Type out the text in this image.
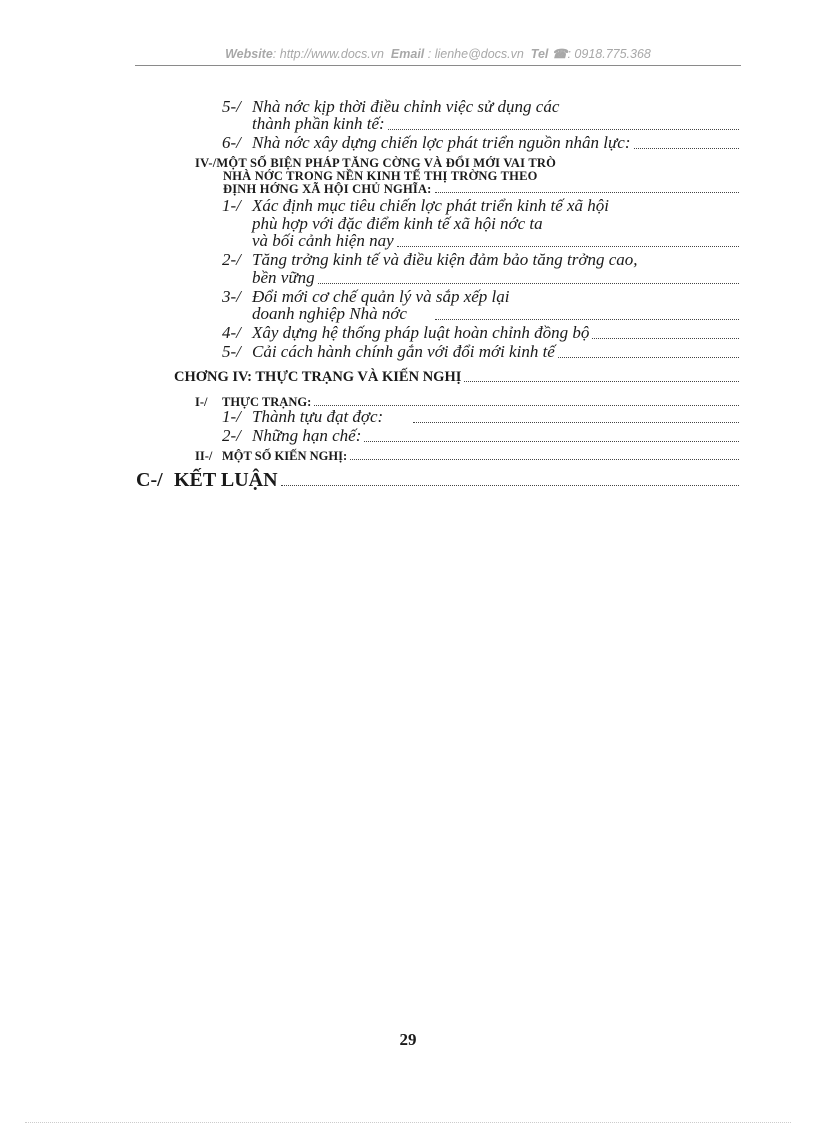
Website: http://www.docs.vn Email : lienhe@docs.vn Tel ☎: 0918.775.368
5-/ Nhà nớc kịp thời điều chỉnh việc sử dụng các
thành phần kinh tế:
6-/ Nhà nớc xây dựng chiến lợc phát triển nguồn nhân lực:
IV-/MỘT SỐ BIỆN PHÁP TĂNG CỜNG VÀ ĐỔI MỚI VAI TRÒ
NHÀ NỚC TRONG NỀN KINH TẾ THỊ TRỜNG THEO
ĐỊNH HỚNG XÃ HỘI CHỦ NGHĨA:
1-/ Xác định mục tiêu chiến lợc phát triển kinh tế xã hội
phù hợp với đặc điểm kinh tế xã hội nớc ta
và bối cảnh hiện nay
2-/ Tăng trởng kinh tế và điều kiện đảm bảo tăng trởng cao,
bền vững
3-/ Đổi mới cơ chế quản lý và sắp xếp lại
doanh nghiệp Nhà nớc
4-/ Xây dựng hệ thống pháp luật hoàn chỉnh đồng bộ
5-/ Cải cách hành chính gắn với đổi mới kinh tế
CHƠNG IV: THỰC TRẠNG VÀ KIẾN NGHỊ
I-/	THỰC TRẠNG:
1-/ Thành tựu đạt đợc:
2-/ Những hạn chế:
II-/ MỘT SỐ KIẾN NGHỊ:
C-/ KẾT LUẬN
29
